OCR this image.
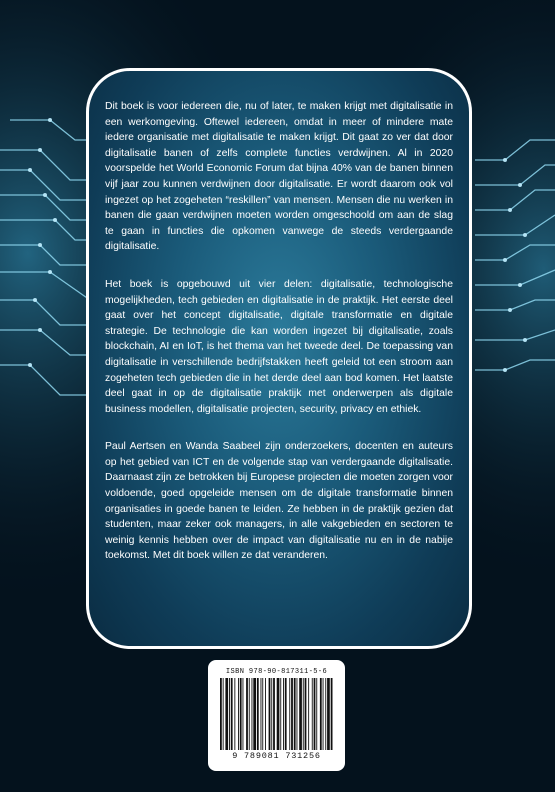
Dit boek is voor iedereen die, nu of later, te maken krijgt met digitalisatie in een werkomgeving. Oftewel iedereen, omdat in meer of mindere mate iedere organisatie met digitalisatie te maken krijgt. Dit gaat zo ver dat door digitalisatie banen of zelfs complete functies verdwijnen. Al in 2020 voorspelde het World Economic Forum dat bijna 40% van de banen binnen vijf jaar zou kunnen verdwijnen door digitalisatie. Er wordt daarom ook vol ingezet op het zogeheten “reskillen” van mensen. Mensen die nu werken in banen die gaan verdwijnen moeten worden omgeschoold om aan de slag te gaan in functies die opkomen vanwege de steeds verdergaande digitalisatie.

Het boek is opgebouwd uit vier delen: digitalisatie, technologische mogelijkheden, tech gebieden en digitalisatie in de praktijk. Het eerste deel gaat over het concept digitalisatie, digitale transformatie en digitale strategie. De technologie die kan worden ingezet bij digitalisatie, zoals blockchain, AI en IoT, is het thema van het tweede deel. De toepassing van digitalisatie in verschillende bedrijfstakken heeft geleid tot een stroom aan zogeheten tech gebieden die in het derde deel aan bod komen. Het laatste deel gaat in op de digitalisatie praktijk met onderwerpen als digitale business modellen, digitalisatie projecten, security, privacy en ethiek.

Paul Aertsen en Wanda Saabeel zijn onderzoekers, docenten en auteurs op het gebied van ICT en de volgende stap van verdergaande digitalisatie. Daarnaast zijn ze betrokken bij Europese projecten die moeten zorgen voor voldoende, goed opgeleide mensen om de digitale transformatie binnen organisaties in goede banen te leiden. Ze hebben in de praktijk gezien dat studenten, maar zeker ook managers, in alle vakgebieden en sectoren te weinig kennis hebben over de impact van digitalisatie nu en in de nabije toekomst. Met dit boek willen ze dat veranderen.

ISBN 978-90-817311-5-6
9 789081 731256
